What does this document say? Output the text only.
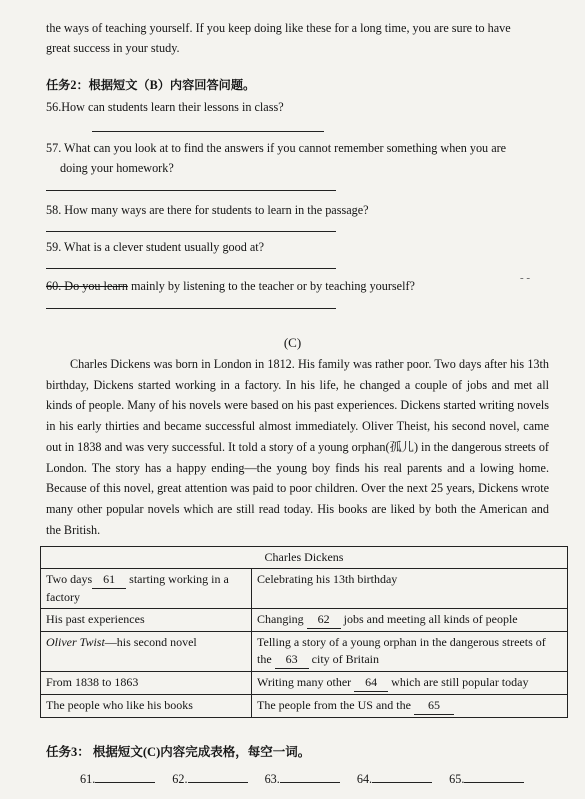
the ways of teaching yourself. If you keep doing like these for a long time, you are sure to have
great success in your study.
任务2：根据短文（B）内容回答问题。
56.How can students learn their lessons in class?
57. What can you look at to find the answers if you cannot remember something when you are
doing your homework?
58. How many ways are there for students to learn in the passage?
59. What is a clever student usually good at?
60. Do you learn mainly by listening to the teacher or by teaching yourself?
- -
(C)
Charles Dickens was born in London in 1812. His family was rather poor. Two days after his 13th birthday, Dickens started working in a factory. In his life, he changed a couple of jobs and met all kinds of people. Many of his novels were based on his past experiences. Dickens started writing novels in his early thirties and became successful almost immediately. Oliver Theist, his second novel, came out in 1838 and was very successful. It told a story of a young orphan(孤儿) in the dangerous streets of London. The story has a happy ending—the young boy finds his real parents and a lowing home. Because of this novel, great attention was paid to poor children. Over the next 25 years, Dickens wrote many other popular novels which are still read today. His books are liked by both the American and the British.
Charles Dickens	
Two days 61 starting working in a factory	Celebrating his 13th birthday
His past experiences	Changing 62 jobs and meeting all kinds of people
Oliver Twist—his second novel	Telling a story of a young orphan in the dangerous streets of the 63 city of Britain
From 1838 to 1863	Writing many other 64 which are still popular today
The people who like his books	The people from the US and the 65
任务3： 根据短文(C)内容完成表格，每空一词。
61.	62.	63.	64.	65.
